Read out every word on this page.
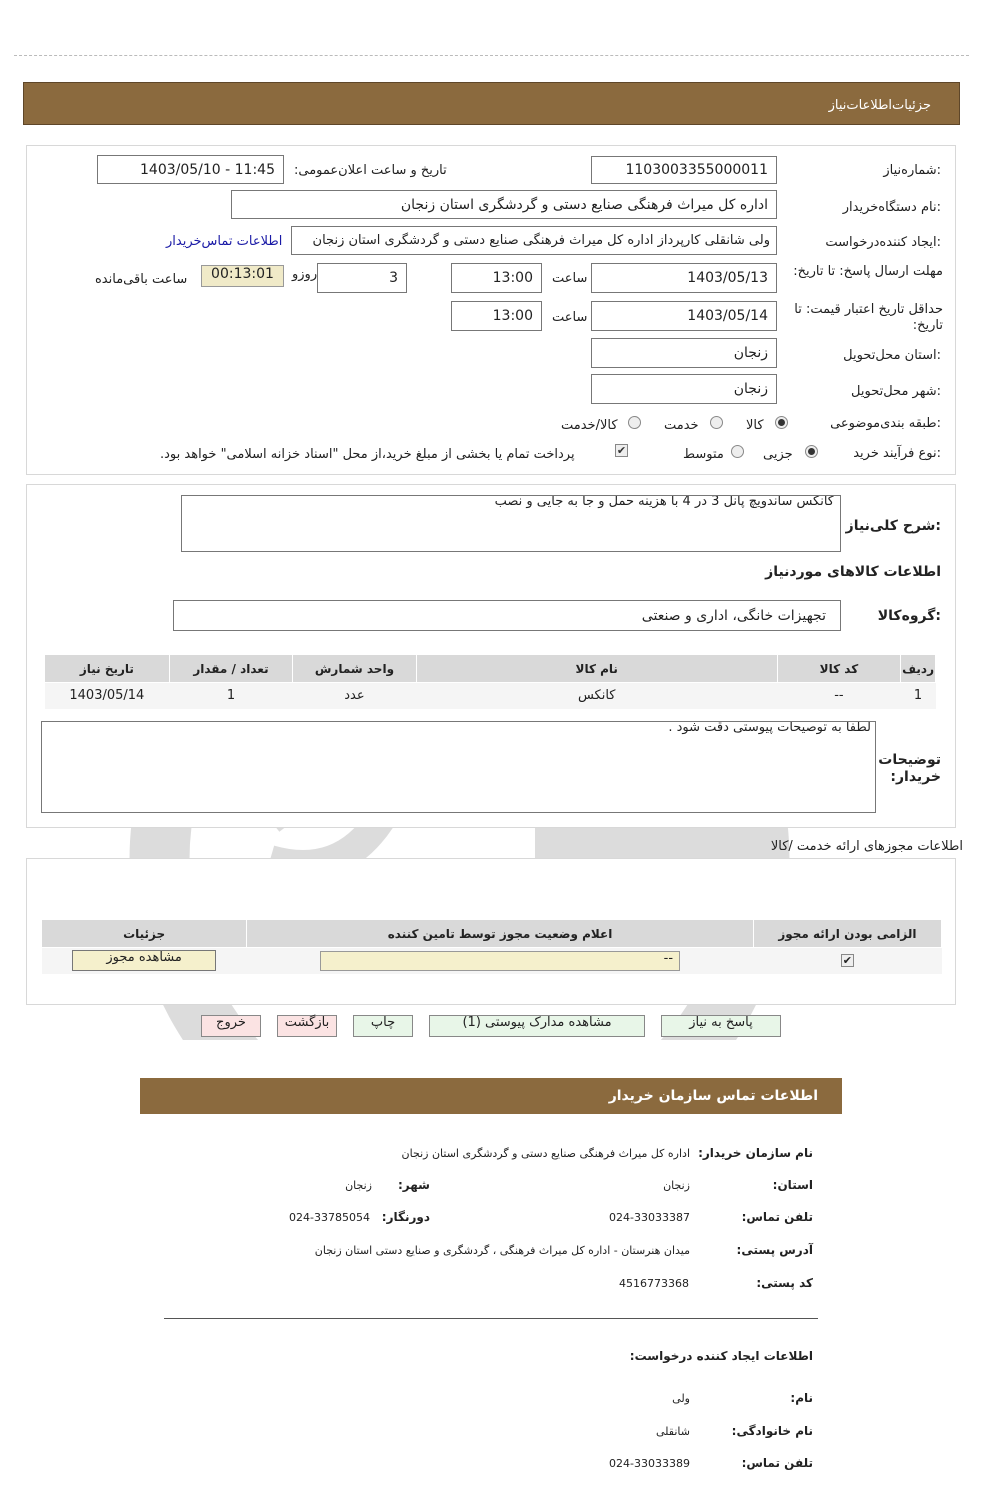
جزئیات‌اطلاعات‌نیاز
شماره‌نیاز:
1103003355000011
تاریخ و ساعت اعلان‌عمومی:
1403/05/10 - 11:45
نام دستگاه‌خریدار:
اداره کل میراث فرهنگی صنایع دستی و گردشگری استان زنجان
ایجاد کننده‌درخواست:
ولی شانقلی کارپرداز اداره کل میراث فرهنگی صنایع دستی و گردشگری استان زنجان
اطلاعات تماس‌خریدار
مهلت ارسال پاسخ: تا تاریخ:
1403/05/13
ساعت
13:00
3
روزو
00:13:01
ساعت باقی‌مانده
حداقل تاریخ اعتبار قیمت: تا تاریخ:
1403/05/14
ساعت
13:00
استان محل‌تحویل:
زنجان
شهر محل‌تحویل:
زنجان
طبقه بندی‌موضوعی:
کالا
خدمت
کالا/خدمت
نوع فرآیند خرید:
جزیی
متوسط
✔
پرداخت تمام یا بخشی از مبلغ خرید،از محل "اسناد خزانه اسلامی" خواهد بود.
شرح کلی‌نیاز:
کانکس ساندویچ پانل 3 در 4 با هزینه حمل و جا به جایی و نصب
اطلاعات کالاهای مورد‌نیاز
گروه‌کالا:
تجهیزات خانگی، اداری و صنعتی
ردیف	کد کالا	نام کالا	واحد شمارش	تعداد / مقدار	تاریخ نیاز
1	--	کانکس	عدد	1	1403/05/14
توضیحات خریدار:
لطفا به توصیحات پیوستی دقت شود .
اطلاعات مجوزهای ارائه خدمت /کالا
الزامی بودن ارائه مجوز	اعلام وضعیت مجوز توسط تامین کننده	جزئیات
✔	--	مشاهده مجوز
پاسخ به نیاز
مشاهده مدارک پیوستی (1)
چاپ
بازگشت
خروج
اطلاعات تماس سازمان خریدار
نام سازمان خریدار:
اداره کل میراث فرهنگی صنایع دستی و گردشگری استان زنجان
استان:
زنجان
شهر:
زنجان
تلفن تماس:
024-33033387
دورنگار:
024-33785054
آدرس پستی:
میدان هنرستان - اداره کل میراث فرهنگی ، گردشگری و صنایع دستی استان زنجان
کد پستی:
4516773368
اطلاعات ایجاد کننده درخواست:
نام:
ولی
نام خانوادگی:
شانقلی
تلفن تماس:
024-33033389
